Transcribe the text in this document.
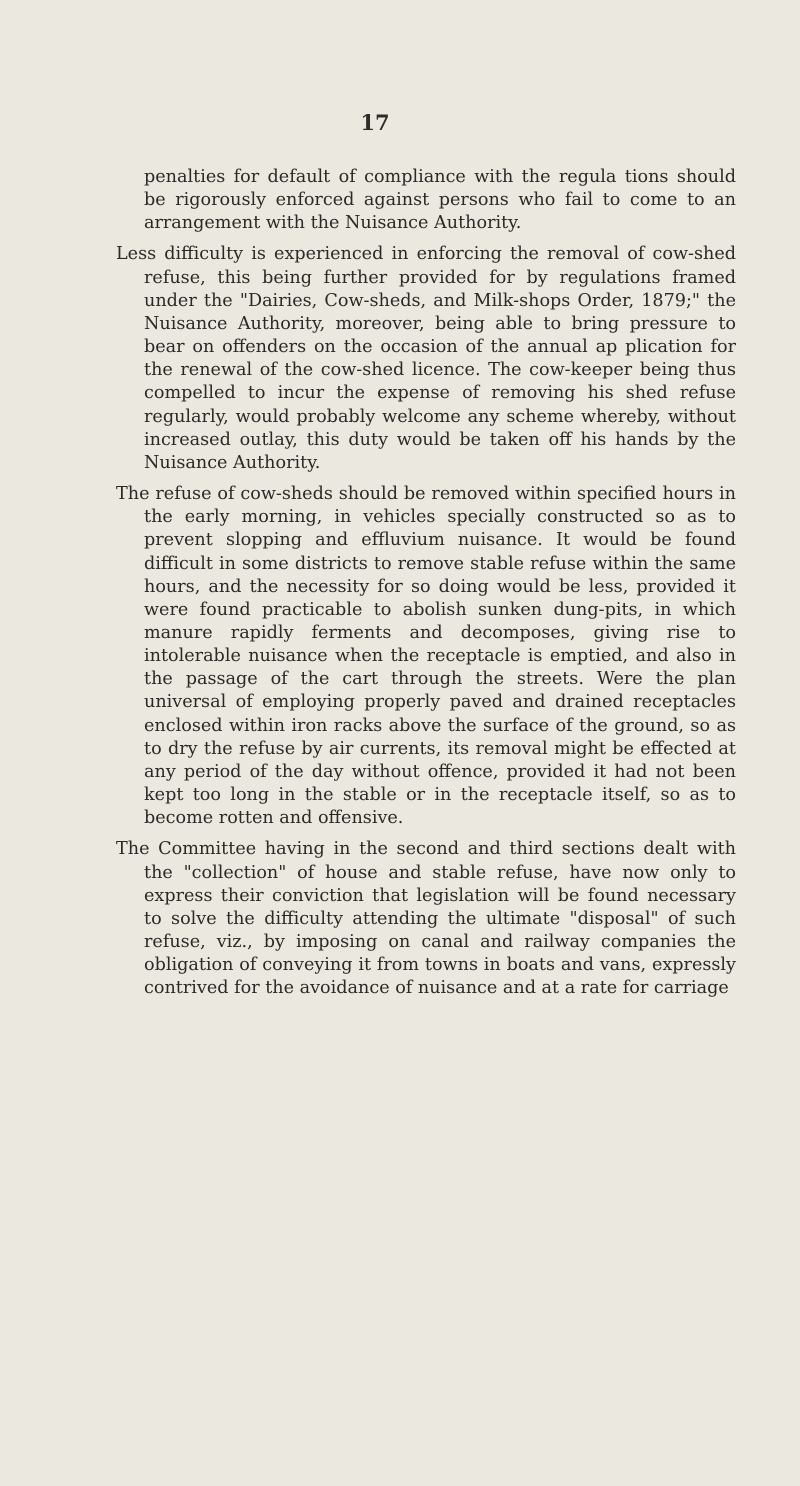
17

penalties for default of compliance with the regula tions should be rigorously enforced against persons who fail to come to an arrangement with the Nuisance Authority.

Less difficulty is experienced in enforcing the removal of cow-shed refuse, this being further provided for by regulations framed under the "Dairies, Cow-sheds, and Milk-shops Order, 1879;" the Nuisance Authority, moreover, being able to bring pressure to bear on offenders on the occasion of the annual ap plication for the renewal of the cow-shed licence. The cow-keeper being thus compelled to incur the expense of removing his shed refuse regularly, would probably welcome any scheme whereby, without increased outlay, this duty would be taken off his hands by the Nuisance Authority.

The refuse of cow-sheds should be removed within specified hours in the early morning, in vehicles specially constructed so as to prevent slopping and effluvium nuisance. It would be found difficult in some districts to remove stable refuse within the same hours, and the necessity for so doing would be less, provided it were found practicable to abolish sunken dung-pits, in which manure rapidly ferments and decomposes, giving rise to intolerable nuisance when the receptacle is emptied, and also in the passage of the cart through the streets. Were the plan universal of employing properly paved and drained receptacles enclosed within iron racks above the surface of the ground, so as to dry the refuse by air currents, its removal might be effected at any period of the day without offence, provided it had not been kept too long in the stable or in the receptacle itself, so as to become rotten and offensive.

The Committee having in the second and third sections dealt with the "collection" of house and stable refuse, have now only to express their conviction that legislation will be found necessary to solve the difficulty attending the ultimate "disposal" of such refuse, viz., by imposing on canal and railway companies the obligation of conveying it from towns in boats and vans, expressly contrived for the avoidance of nuisance and at a rate for carriage
